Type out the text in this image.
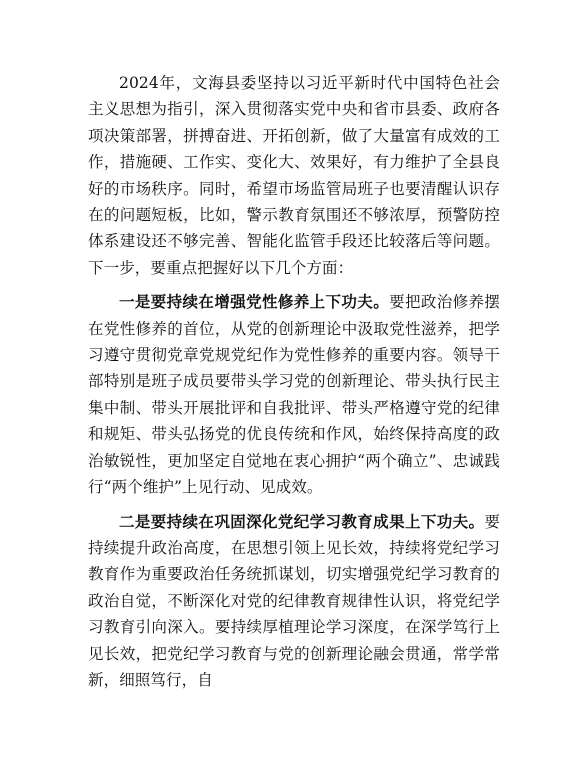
2024年，文海县委坚持以习近平新时代中国特色社会主义思想为指引，深入贯彻落实党中央和省市县委、政府各项决策部署，拼搏奋进、开拓创新，做了大量富有成效的工作，措施硬、工作实、变化大、效果好，有力维护了全县良好的市场秩序。同时，希望市场监管局班子也要清醒认识存在的问题短板，比如，警示教育氛围还不够浓厚，预警防控体系建设还不够完善、智能化监管手段还比较落后等问题。下一步，要重点把握好以下几个方面：

一是要持续在增强党性修养上下功夫。要把政治修养摆在党性修养的首位，从党的创新理论中汲取党性滋养，把学习遵守贯彻党章党规党纪作为党性修养的重要内容。领导干部特别是班子成员要带头学习党的创新理论、带头执行民主集中制、带头开展批评和自我批评、带头严格遵守党的纪律和规矩、带头弘扬党的优良传统和作风，始终保持高度的政治敏锐性，更加坚定自觉地在衷心拥护“两个确立”、忠诚践行“两个维护”上见行动、见成效。

二是要持续在巩固深化党纪学习教育成果上下功夫。要持续提升政治高度，在思想引领上见长效，持续将党纪学习教育作为重要政治任务统抓谋划，切实增强党纪学习教育的政治自觉，不断深化对党的纪律教育规律性认识，将党纪学习教育引向深入。要持续厚植理论学习深度，在深学笃行上见长效，把党纪学习教育与党的创新理论融会贯通，常学常新，细照笃行，自
